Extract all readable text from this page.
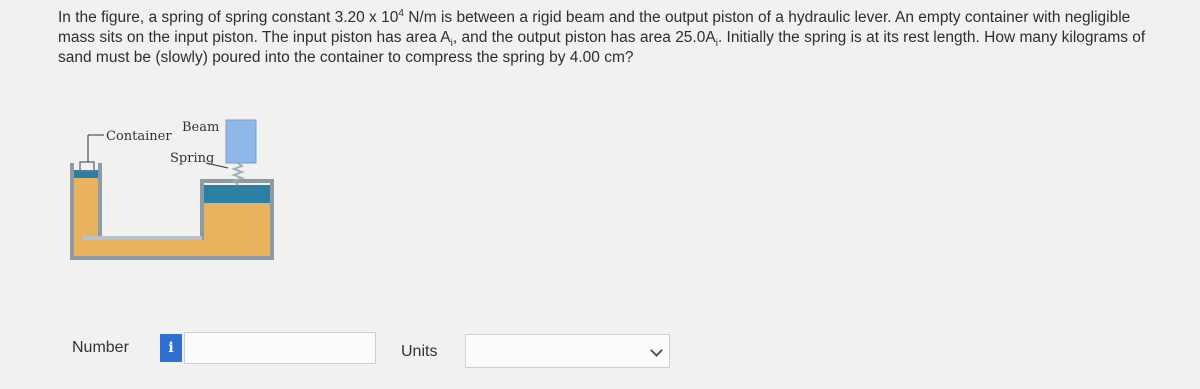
In the figure, a spring of spring constant 3.20 x $10^4$ N/m is between a rigid beam and the output piston of a hydraulic lever. An empty container with negligible mass sits on the input piston. The input piston has area $A_i$, and the output piston has area $25.0A_i$. Initially the spring is at its rest length. How many kilograms of sand must be (slowly) poured into the container to compress the spring by 4.00 cm?
Beam
Container
Spring
Number	i	Units
